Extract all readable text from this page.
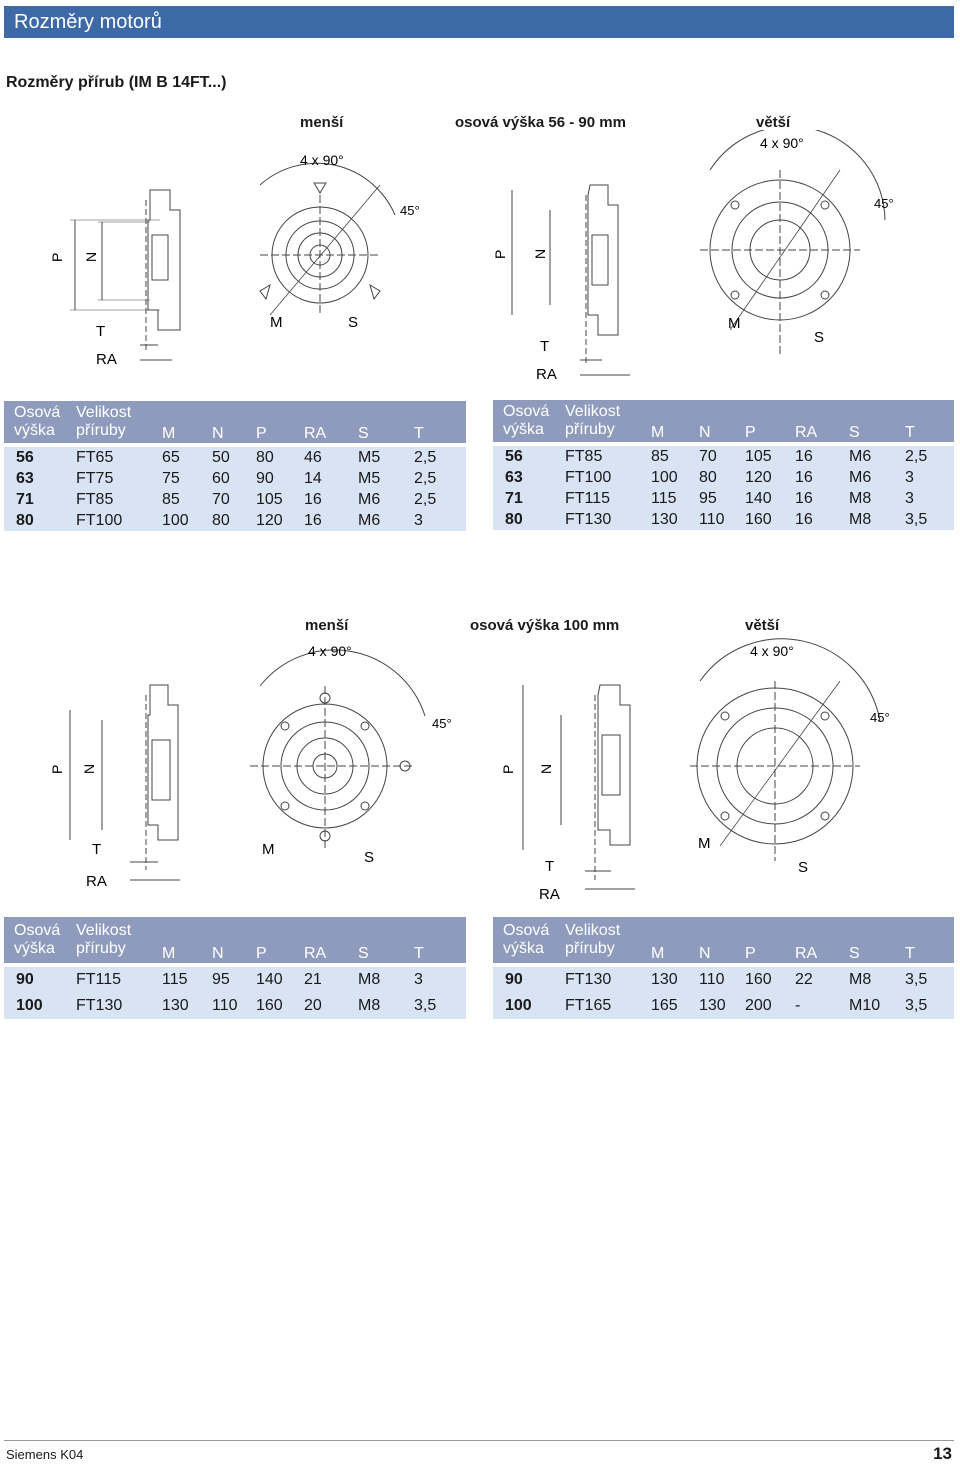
Rozměry motorů
Rozměry přírub (IM B 14FT...)
menší	osová výška 56 - 90 mm	větší
P N
T
RA
4 x 90°
45°
M	S
P N
T
RA
4 x 90°
45°
M
S
Osová
výška	Velikost
příruby	M	N	P	RA	S	T

56	FT65	65	50	80	46	M5	2,5
63	FT75	75	60	90	14	M5	2,5
71	FT85	85	70	105	16	M6	2,5
80	FT100	100	80	120	16	M6	3
Osová
výška	Velikost
příruby	M	N	P	RA	S	T

56	FT85	85	70	105	16	M6	2,5
63	FT100	100	80	120	16	M6	3
71	FT115	115	95	140	16	M8	3
80	FT130	130	110	160	16	M8	3,5
menší	osová výška 100 mm	větší
P N
T
RA
4 x 90°
45°
M	S
P N
T
RA
4 x 90°
45°
M
S
Osová
výška	Velikost
příruby	M	N	P	RA	S	T

90	FT115	115	95	140	21	M8	3
100	FT130	130	110	160	20	M8	3,5
Osová
výška	Velikost
příruby	M	N	P	RA	S	T

90	FT130	130	110	160	22	M8	3,5
100	FT165	165	130	200	-	M10	3,5
Siemens K04	13
